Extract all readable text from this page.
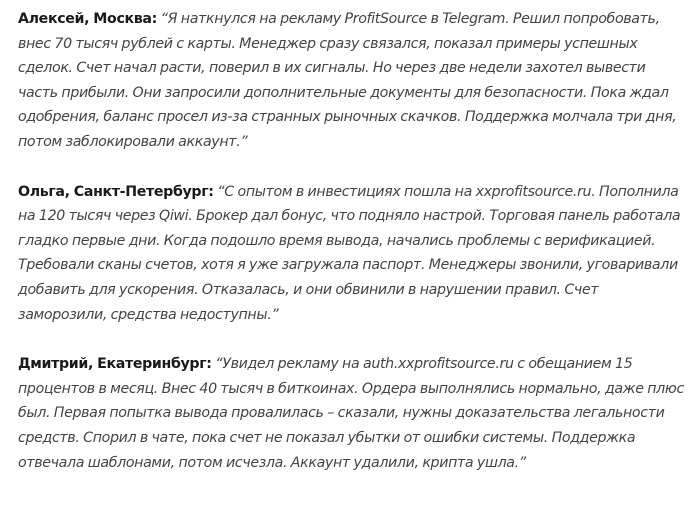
Алексей, Москва: “Я наткнулся на рекламу ProfitSource в Telegram. Решил попробовать, внес 70 тысяч рублей с карты. Менеджер сразу связался, показал примеры успешных сделок. Счет начал расти, поверил в их сигналы. Но через две недели захотел вывести часть прибыли. Они запросили дополнительные документы для безопасности. Пока ждал одобрения, баланс просел из-за странных рыночных скачков. Поддержка молчала три дня, потом заблокировали аккаунт.”

Ольга, Санкт-Петербург: “С опытом в инвестициях пошла на xxprofitsource.ru. Пополнила на 120 тысяч через Qiwi. Брокер дал бонус, что подняло настрой. Торговая панель работала гладко первые дни. Когда подошло время вывода, начались проблемы с верификацией. Требовали сканы счетов, хотя я уже загружала паспорт. Менеджеры звонили, уговаривали добавить для ускорения. Отказалась, и они обвинили в нарушении правил. Счет заморозили, средства недоступны.”

Дмитрий, Екатеринбург: “Увидел рекламу на auth.xxprofitsource.ru с обещанием 15 процентов в месяц. Внес 40 тысяч в биткоинах. Ордера выполнялись нормально, даже плюс был. Первая попытка вывода провалилась – сказали, нужны доказательства легальности средств. Спорил в чате, пока счет не показал убытки от ошибки системы. Поддержка отвечала шаблонами, потом исчезла. Аккаунт удалили, крипта ушла.”
